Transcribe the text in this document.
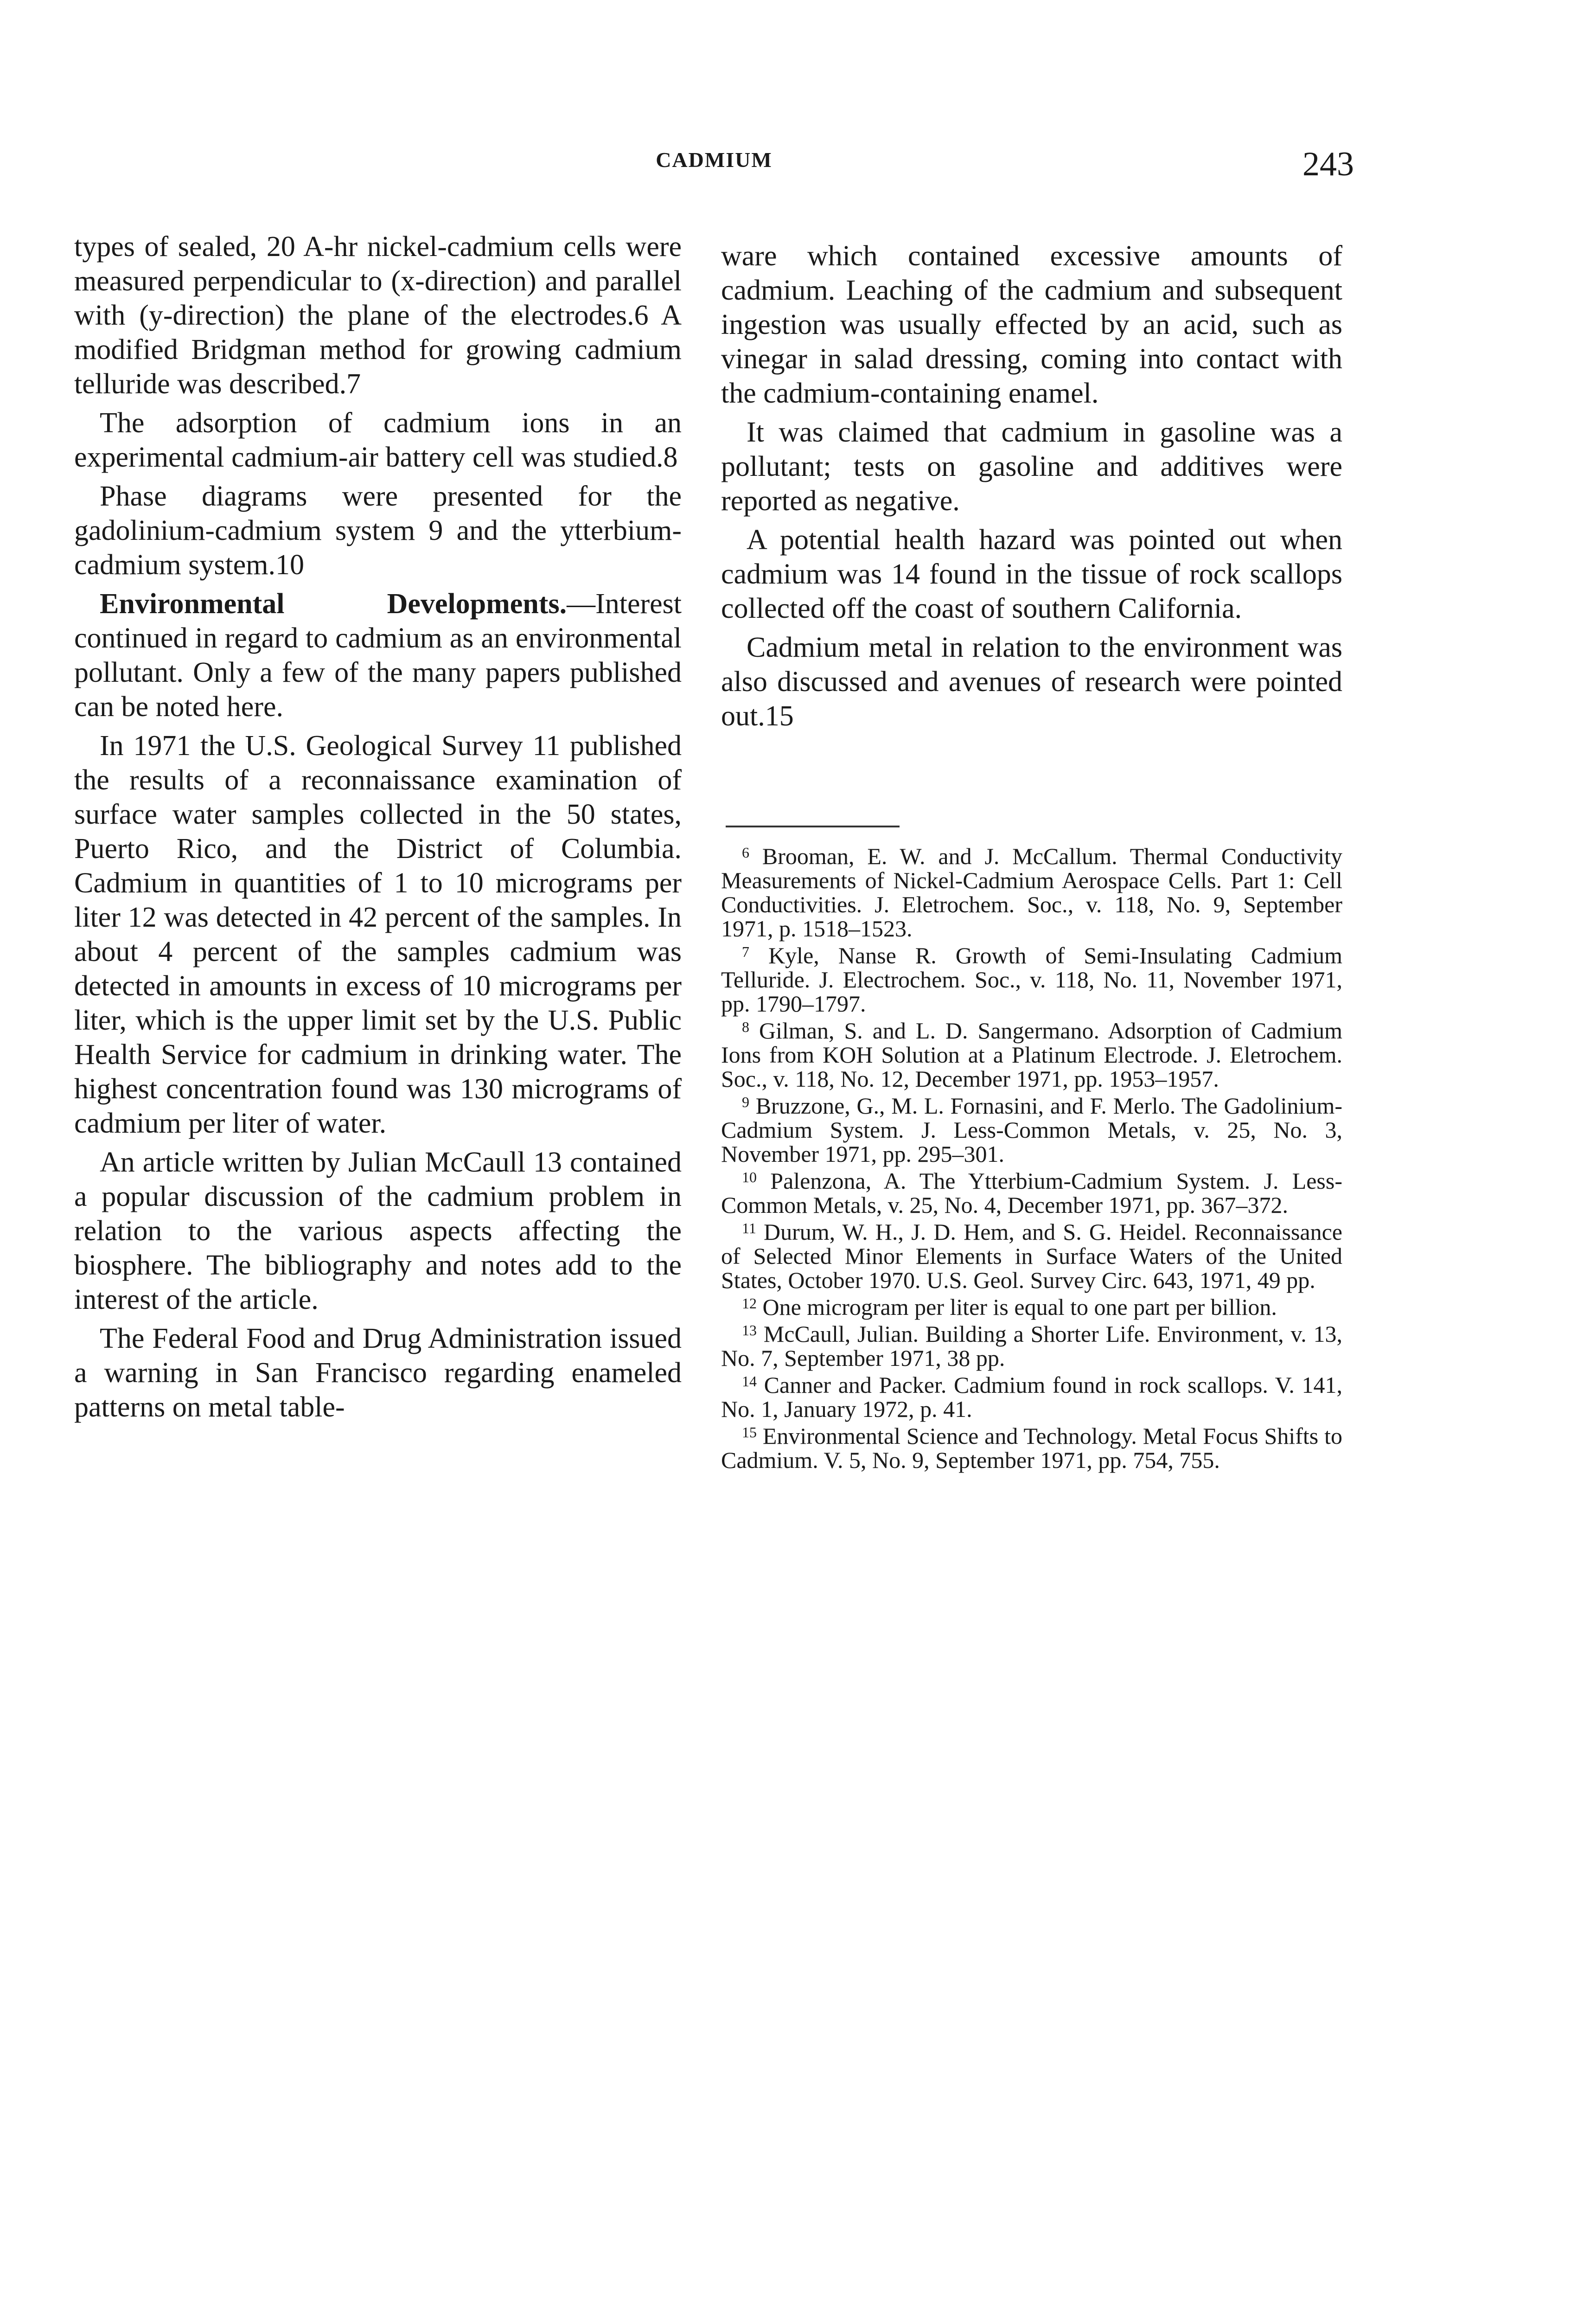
CADMIUM	243

types of sealed, 20 A-hr nickel-cadmium cells were measured perpendicular to (x-direction) and parallel with (y-direction) the plane of the electrodes.6 A modified Bridgman method for growing cadmium telluride was described.7

The adsorption of cadmium ions in an experimental cadmium-air battery cell was studied.8

Phase diagrams were presented for the gadolinium-cadmium system 9 and the ytterbium-cadmium system.10

Environmental Developments.—Interest continued in regard to cadmium as an environmental pollutant. Only a few of the many papers published can be noted here.

In 1971 the U.S. Geological Survey 11 published the results of a reconnaissance examination of surface water samples collected in the 50 states, Puerto Rico, and the District of Columbia. Cadmium in quantities of 1 to 10 micrograms per liter 12 was detected in 42 percent of the samples. In about 4 percent of the samples cadmium was detected in amounts in excess of 10 micrograms per liter, which is the upper limit set by the U.S. Public Health Service for cadmium in drinking water. The highest concentration found was 130 micrograms of cadmium per liter of water.

An article written by Julian McCaull 13 contained a popular discussion of the cadmium problem in relation to the various aspects affecting the biosphere. The bibliography and notes add to the interest of the article.

The Federal Food and Drug Administration issued a warning in San Francisco regarding enameled patterns on metal table-

ware which contained excessive amounts of cadmium. Leaching of the cadmium and subsequent ingestion was usually effected by an acid, such as vinegar in salad dressing, coming into contact with the cadmium-containing enamel.

It was claimed that cadmium in gasoline was a pollutant; tests on gasoline and additives were reported as negative.

A potential health hazard was pointed out when cadmium was 14 found in the tissue of rock scallops collected off the coast of southern California.

Cadmium metal in relation to the environment was also discussed and avenues of research were pointed out.15

$^6$ Brooman, E. W. and J. McCallum. Thermal Conductivity Measurements of Nickel-Cadmium Aerospace Cells. Part 1: Cell Conductivities. J. Eletrochem. Soc., v. 118, No. 9, September 1971, p. 1518–1523.

$^7$ Kyle, Nanse R. Growth of Semi-Insulating Cadmium Telluride. J. Electrochem. Soc., v. 118, No. 11, November 1971, pp. 1790–1797.

$^8$ Gilman, S. and L. D. Sangermano. Adsorption of Cadmium Ions from KOH Solution at a Platinum Electrode. J. Eletrochem. Soc., v. 118, No. 12, December 1971, pp. 1953–1957.

$^9$ Bruzzone, G., M. L. Fornasini, and F. Merlo. The Gadolinium-Cadmium System. J. Less-Common Metals, v. 25, No. 3, November 1971, pp. 295–301.

$^{10}$ Palenzona, A. The Ytterbium-Cadmium System. J. Less-Common Metals, v. 25, No. 4, December 1971, pp. 367–372.

$^{11}$ Durum, W. H., J. D. Hem, and S. G. Heidel. Reconnaissance of Selected Minor Elements in Surface Waters of the United States, October 1970. U.S. Geol. Survey Circ. 643, 1971, 49 pp.

$^{12}$ One microgram per liter is equal to one part per billion.

$^{13}$ McCaull, Julian. Building a Shorter Life. Environment, v. 13, No. 7, September 1971, 38 pp.

$^{14}$ Canner and Packer. Cadmium found in rock scallops. V. 141, No. 1, January 1972, p. 41.

$^{15}$ Environmental Science and Technology. Metal Focus Shifts to Cadmium. V. 5, No. 9, September 1971, pp. 754, 755.
